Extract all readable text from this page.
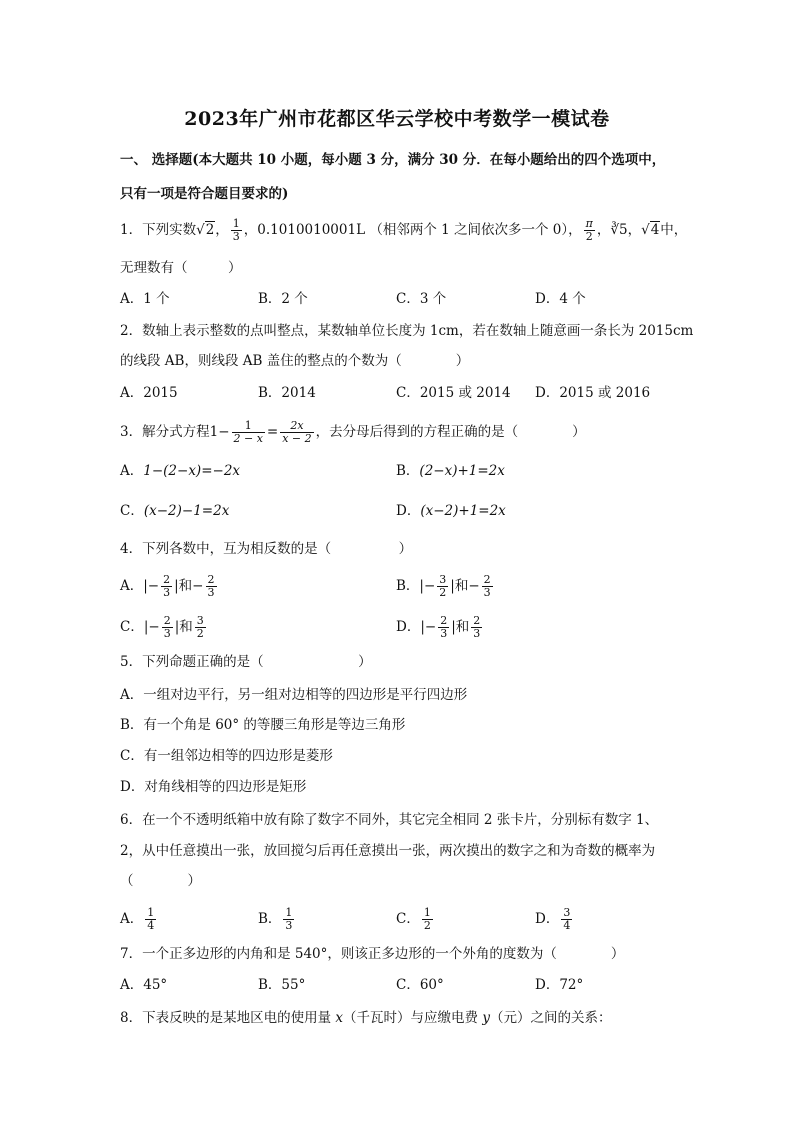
2023年广州市花都区华云学校中考数学一模试卷
一、 选择题(本大题共 10 小题，每小题 3 分，满分 30 分．在每小题给出的四个选项中，
只有一项是符合题目要求的)
1．下列实数√2， $\frac{1}{3}$ ，0.1010010001L （相邻两个 1 之间依次多一个 0）， $\frac{\pi}{2}$ ，∛5，√4中，
无理数有（　　　）
A．1 个	B．2 个	C．3 个	D．4 个
2．数轴上表示整数的点叫整点，某数轴单位长度为 1cm，若在数轴上随意画一条长为 2015cm
的线段 AB，则线段 AB 盖住的整点的个数为（　　　　）
A．2015	B．2014	C．2015 或 2014 D．2015 或 2016
3．解分式方程$1- \frac{1}{2 - x} = \frac{2x}{x - 2}$ ，去分母后得到的方程正确的是（　　　　）
A．1−(2−x)=−2x	B．(2−x)+1=2x
C．(x−2)−1=2x	D．(x−2)+1=2x
4．下列各数中，互为相反数的是（　　　　　）
A．|− $\frac{2}{3}$ |和− $\frac{2}{3}$	B．|− $\frac{3}{2}$ |和− $\frac{2}{3}$
C．|− $\frac{2}{3}$ |和 $\frac{3}{2}$	D．|− $\frac{2}{3}$ |和 $\frac{2}{3}$
5．下列命题正确的是（　　　　　　　）
A．一组对边平行，另一组对边相等的四边形是平行四边形
B．有一个角是 60° 的等腰三角形是等边三角形
C．有一组邻边相等的四边形是菱形
D．对角线相等的四边形是矩形
6．在一个不透明纸箱中放有除了数字不同外，其它完全相同 2 张卡片，分别标有数字 1、
2，从中任意摸出一张，放回搅匀后再任意摸出一张，两次摸出的数字之和为奇数的概率为
（　　　　）
A． $\frac{1}{4}$	B． $\frac{1}{3}$	C． $\frac{1}{2}$	D． $\frac{3}{4}$
7．一个正多边形的内角和是 540°，则该正多边形的一个外角的度数为（　　　　）
A．45°	B．55°	C．60°	D．72°
8．下表反映的是某地区电的使用量 x（千瓦时）与应缴电费 y（元）之间的关系：
